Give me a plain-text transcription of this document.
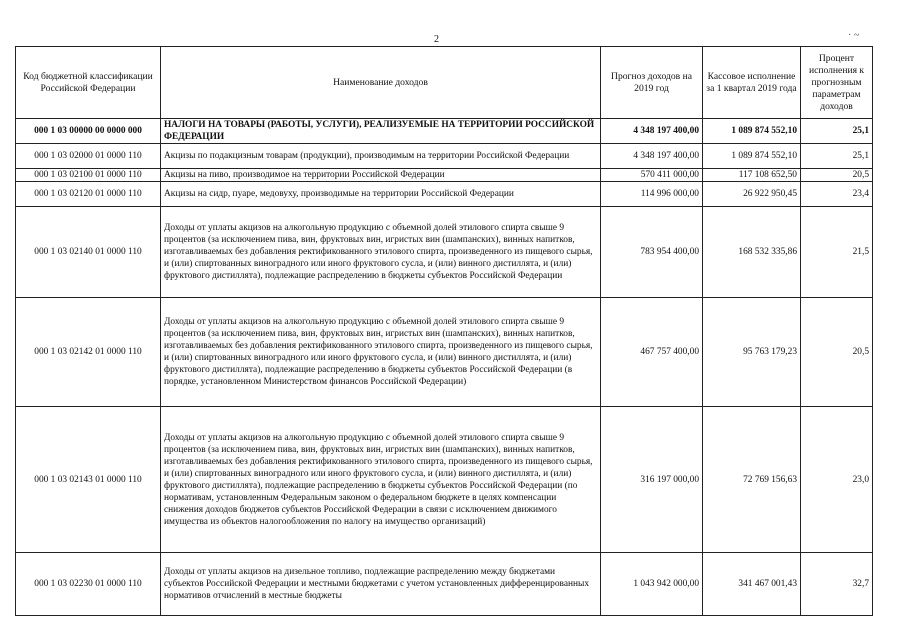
2	· ~
Код бюджетной классификации Российской Федерации	Наименование доходов	Прогноз доходов на 2019 год	Кассовое исполнение за 1 квартал 2019 года	Процент исполнения к прогнозным параметрам доходов
000 1 03 00000 00 0000 000	НАЛОГИ НА ТОВАРЫ (РАБОТЫ, УСЛУГИ), РЕАЛИЗУЕМЫЕ НА ТЕРРИТОРИИ РОССИЙСКОЙ ФЕДЕРАЦИИ	4 348 197 400,00	1 089 874 552,10	25,1
000 1 03 02000 01 0000 110	Акцизы по подакцизным товарам (продукции), производимым на территории Российской Федерации	4 348 197 400,00	1 089 874 552,10	25,1
000 1 03 02100 01 0000 110	Акцизы на пиво, производимое на территории Российской Федерации	570 411 000,00	117 108 652,50	20,5
000 1 03 02120 01 0000 110	Акцизы на сидр, пуаре, медовуху, производимые на территории Российской Федерации	114 996 000,00	26 922 950,45	23,4
000 1 03 02140 01 0000 110	Доходы от уплаты акцизов на алкогольную продукцию с объемной долей этилового спирта свыше 9 процентов (за исключением пива, вин, фруктовых вин, игристых вин (шампанских), винных напитков, изготавливаемых без добавления ректификованного этилового спирта, произведенного из пищевого сырья, и (или) спиртованных виноградного или иного фруктового сусла, и (или) винного дистиллята, и (или) фруктового дистиллята), подлежащие распределению в бюджеты субъектов Российской Федерации	783 954 400,00	168 532 335,86	21,5
000 1 03 02142 01 0000 110	Доходы от уплаты акцизов на алкогольную продукцию с объемной долей этилового спирта свыше 9 процентов (за исключением пива, вин, фруктовых вин, игристых вин (шампанских), винных напитков, изготавливаемых без добавления ректификованного этилового спирта, произведенного из пищевого сырья, и (или) спиртованных виноградного или иного фруктового сусла, и (или) винного дистиллята, и (или) фруктового дистиллята), подлежащие распределению в бюджеты субъектов Российской Федерации (в порядке, установленном Министерством финансов Российской Федерации)	467 757 400,00	95 763 179,23	20,5
000 1 03 02143 01 0000 110	Доходы от уплаты акцизов на алкогольную продукцию с объемной долей этилового спирта свыше 9 процентов (за исключением пива, вин, фруктовых вин, игристых вин (шампанских), винных напитков, изготавливаемых без добавления ректификованного этилового спирта, произведенного из пищевого сырья, и (или) спиртованных виноградного или иного фруктового сусла, и (или) винного дистиллята, и (или) фруктового дистиллята), подлежащие распределению в бюджеты субъектов Российской Федерации (по нормативам, установленным Федеральным законом о федеральном бюджете в целях компенсации снижения доходов бюджетов субъектов Российской Федерации в связи с исключением движимого имущества из объектов налогообложения по налогу на имущество организаций)	316 197 000,00	72 769 156,63	23,0
000 1 03 02230 01 0000 110	Доходы от уплаты акцизов на дизельное топливо, подлежащие распределению между бюджетами субъектов Российской Федерации и местными бюджетами с учетом установленных дифференцированных нормативов отчислений в местные бюджеты	1 043 942 000,00	341 467 001,43	32,7
